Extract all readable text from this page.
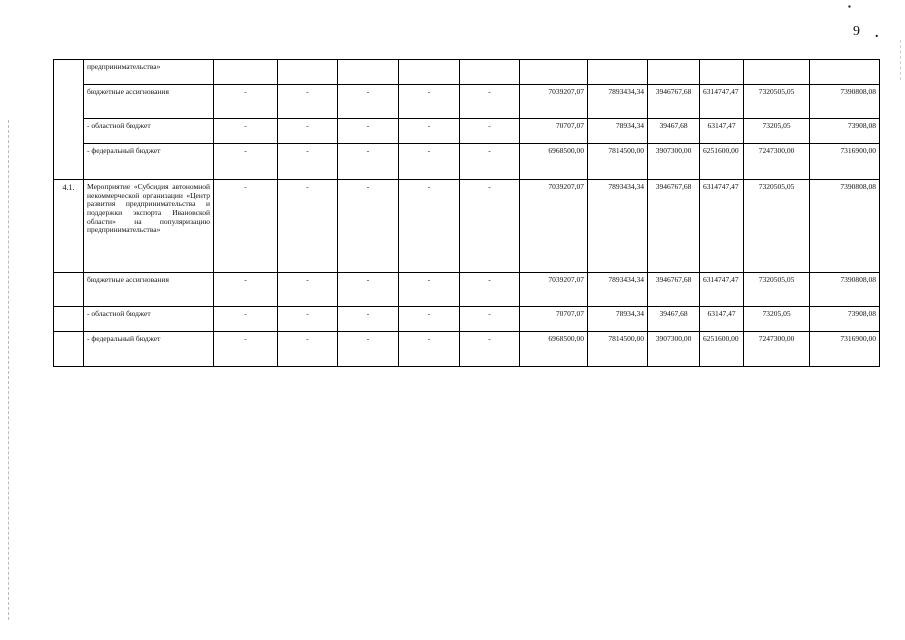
▪
9 .
	предпринимательства»											
	бюджетные ассигнования	-	-	-	-	-	7039207,07	7893434,34	3946767,68	6314747,47	7320505,05	7390808,08
	- областной бюджет	-	-	-	-	-	70707,07	78934,34	39467,68	63147,47	73205,05	73908,08
	- федеральный бюджет	-	-	-	-	-	6968500,00	7814500,00	3907300,00	6251600,00	7247300,00	7316900,00
4.1.	Мероприятие «Субсидия автономной некоммерческой организации «Центр развития предпринимательства и поддержки экспорта Ивановской области» на популяризацию предпринимательства»	-	-	-	-	-	7039207,07	7893434,34	3946767,68	6314747,47	7320505,05	7390808,08
	бюджетные ассигнования	-	-	-	-	-	7039207,07	7893434,34	3946767,68	6314747,47	7320505,05	7390808,08
	- областной бюджет	-	-	-	-	-	70707,07	78934,34	39467,68	63147,47	73205,05	73908,08
	- федеральный бюджет	-	-	-	-	-	6968500,00	7814500,00	3907300,00	6251600,00	7247300,00	7316900,00
